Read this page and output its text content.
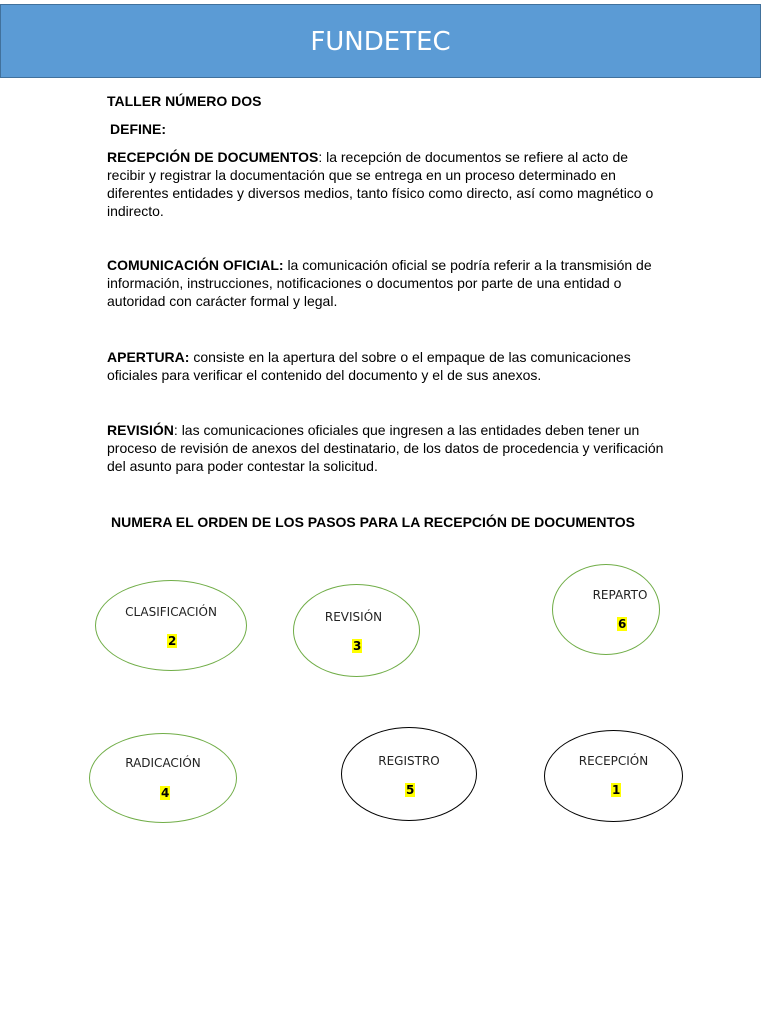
FUNDETEC

TALLER NÚMERO DOS

DEFINE:

RECEPCIÓN DE DOCUMENTOS: la recepción de documentos se refiere al acto de recibir y registrar la documentación que se entrega en un proceso determinado en diferentes entidades y diversos medios, tanto físico como directo, así como magnético o indirecto.

COMUNICACIÓN OFICIAL: la comunicación oficial se podría referir a la transmisión de información, instrucciones, notificaciones o documentos por parte de una entidad o autoridad con carácter formal y legal.

APERTURA: consiste en la apertura del sobre o el empaque de las comunicaciones oficiales para verificar el contenido del documento y el de sus anexos.

REVISIÓN: las comunicaciones oficiales que ingresen a las entidades deben tener un proceso de revisión de anexos del destinatario, de los datos de procedencia y verificación del asunto para poder contestar la solicitud.

NUMERA EL ORDEN DE LOS PASOS PARA LA RECEPCIÓN DE DOCUMENTOS

CLASIFICACIÓN
2
REVISIÓN
3
REPARTO
6
RADICACIÓN
4
REGISTRO
5
RECEPCIÓN
1
